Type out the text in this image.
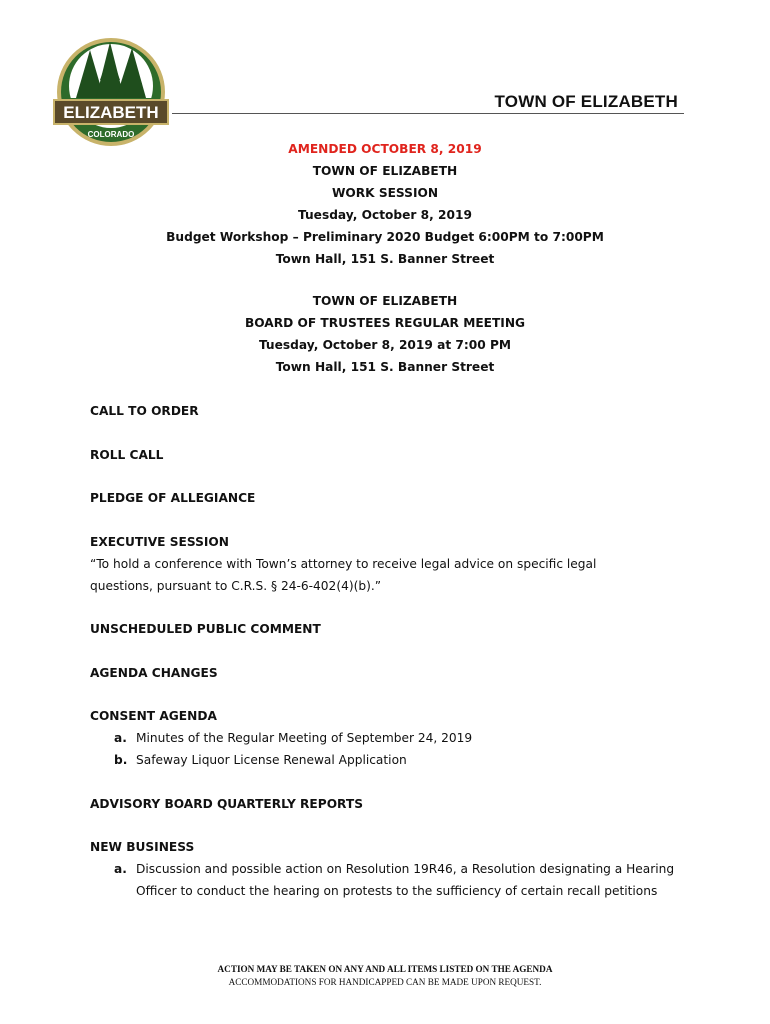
ELIZABETH
COLORADO
TOWN OF ELIZABETH
AMENDED OCTOBER 8, 2019
TOWN OF ELIZABETH
WORK SESSION
Tuesday, October 8, 2019
Budget Workshop – Preliminary 2020 Budget 6:00PM to 7:00PM
Town Hall, 151 S. Banner Street
TOWN OF ELIZABETH
BOARD OF TRUSTEES REGULAR MEETING
Tuesday, October 8, 2019 at 7:00 PM
Town Hall, 151 S. Banner Street
CALL TO ORDER
ROLL CALL
PLEDGE OF ALLEGIANCE
EXECUTIVE SESSION
“To hold a conference with Town’s attorney to receive legal advice on specific legal questions, pursuant to C.R.S. § 24-6-402(4)(b).”
UNSCHEDULED PUBLIC COMMENT
AGENDA CHANGES
CONSENT AGENDA
a. Minutes of the Regular Meeting of September 24, 2019
b. Safeway Liquor License Renewal Application
ADVISORY BOARD QUARTERLY REPORTS
NEW BUSINESS
a. Discussion and possible action on Resolution 19R46, a Resolution designating a Hearing Officer to conduct the hearing on protests to the sufficiency of certain recall petitions
ACTION MAY BE TAKEN ON ANY AND ALL ITEMS LISTED ON THE AGENDA
ACCOMMODATIONS FOR HANDICAPPED CAN BE MADE UPON REQUEST.
